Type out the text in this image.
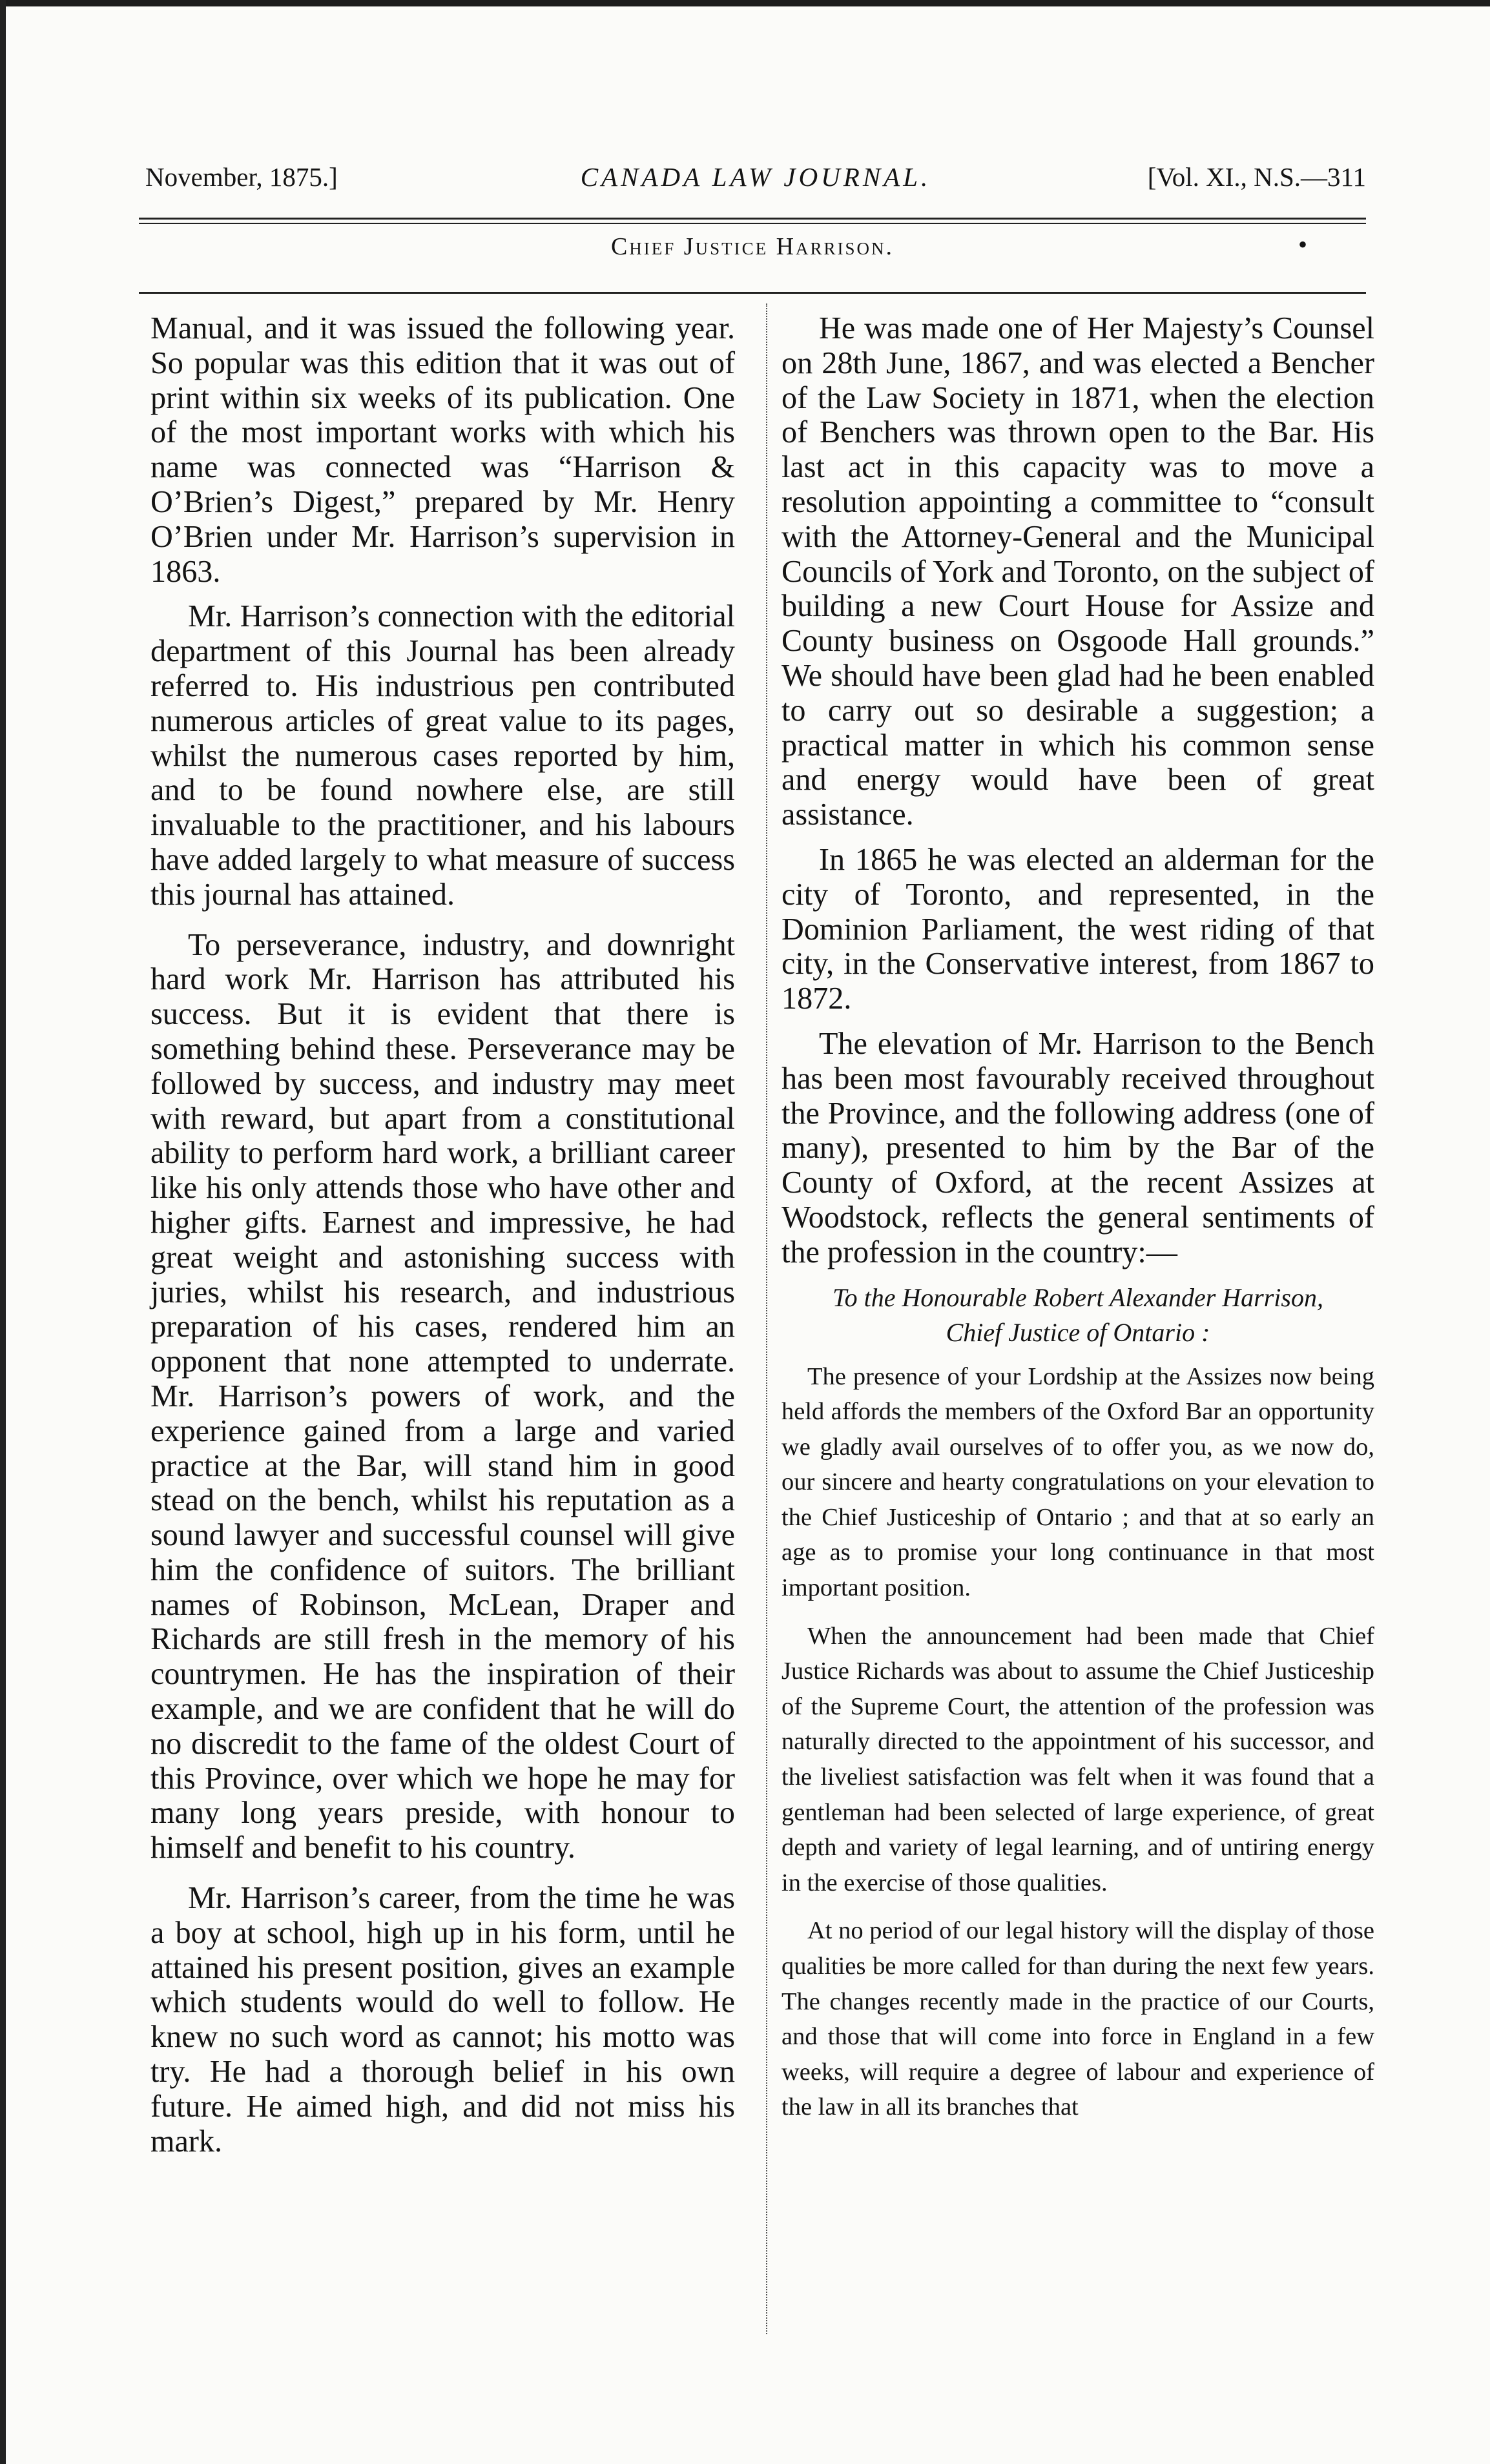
November, 1875.]	CANADA LAW JOURNAL.	[Vol. XI., N.S.—311
Chief Justice Harrison.	•

Manual, and it was issued the following year. So popular was this edition that it was out of print within six weeks of its publication. One of the most important works with which his name was connected was “Harrison & O’Brien’s Digest,” prepared by Mr. Henry O’Brien under Mr. Harrison’s supervision in 1863.

Mr. Harrison’s connection with the editorial department of this Journal has been already referred to. His industrious pen contributed numerous articles of great value to its pages, whilst the numerous cases reported by him, and to be found nowhere else, are still invaluable to the practitioner, and his labours have added largely to what measure of success this journal has attained.

To perseverance, industry, and downright hard work Mr. Harrison has attributed his success. But it is evident that there is something behind these. Perseverance may be followed by success, and industry may meet with reward, but apart from a constitutional ability to perform hard work, a brilliant career like his only attends those who have other and higher gifts. Earnest and impressive, he had great weight and astonishing success with juries, whilst his research, and industrious preparation of his cases, rendered him an opponent that none attempted to underrate. Mr. Harrison’s powers of work, and the experience gained from a large and varied practice at the Bar, will stand him in good stead on the bench, whilst his reputation as a sound lawyer and successful counsel will give him the confidence of suitors. The brilliant names of Robinson, McLean, Draper and Richards are still fresh in the memory of his countrymen. He has the inspiration of their example, and we are confident that he will do no discredit to the fame of the oldest Court of this Province, over which we hope he may for many long years preside, with honour to himself and benefit to his country.

Mr. Harrison’s career, from the time he was a boy at school, high up in his form, until he attained his present position, gives an example which students would do well to follow. He knew no such word as cannot; his motto was try. He had a thorough belief in his own future. He aimed high, and did not miss his mark.

He was made one of Her Majesty’s Counsel on 28th June, 1867, and was elected a Bencher of the Law Society in 1871, when the election of Benchers was thrown open to the Bar. His last act in this capacity was to move a resolution appointing a committee to “consult with the Attorney-General and the Municipal Councils of York and Toronto, on the subject of building a new Court House for Assize and County business on Osgoode Hall grounds.” We should have been glad had he been enabled to carry out so desirable a suggestion; a practical matter in which his common sense and energy would have been of great assistance.

In 1865 he was elected an alderman for the city of Toronto, and represented, in the Dominion Parliament, the west riding of that city, in the Conservative interest, from 1867 to 1872.

The elevation of Mr. Harrison to the Bench has been most favourably received throughout the Province, and the following address (one of many), presented to him by the Bar of the County of Oxford, at the recent Assizes at Woodstock, reflects the general sentiments of the profession in the country:—

To the Honourable Robert Alexander Harrison,
Chief Justice of Ontario :

The presence of your Lordship at the Assizes now being held affords the members of the Oxford Bar an opportunity we gladly avail ourselves of to offer you, as we now do, our sincere and hearty congratulations on your elevation to the Chief Justiceship of Ontario ; and that at so early an age as to promise your long continuance in that most important position.

When the announcement had been made that Chief Justice Richards was about to assume the Chief Justiceship of the Supreme Court, the attention of the profession was naturally directed to the appointment of his successor, and the liveliest satisfaction was felt when it was found that a gentleman had been selected of large experience, of great depth and variety of legal learning, and of untiring energy in the exercise of those qualities.

At no period of our legal history will the display of those qualities be more called for than during the next few years. The changes recently made in the practice of our Courts, and those that will come into force in England in a few weeks, will require a degree of labour and experience of the law in all its branches that
